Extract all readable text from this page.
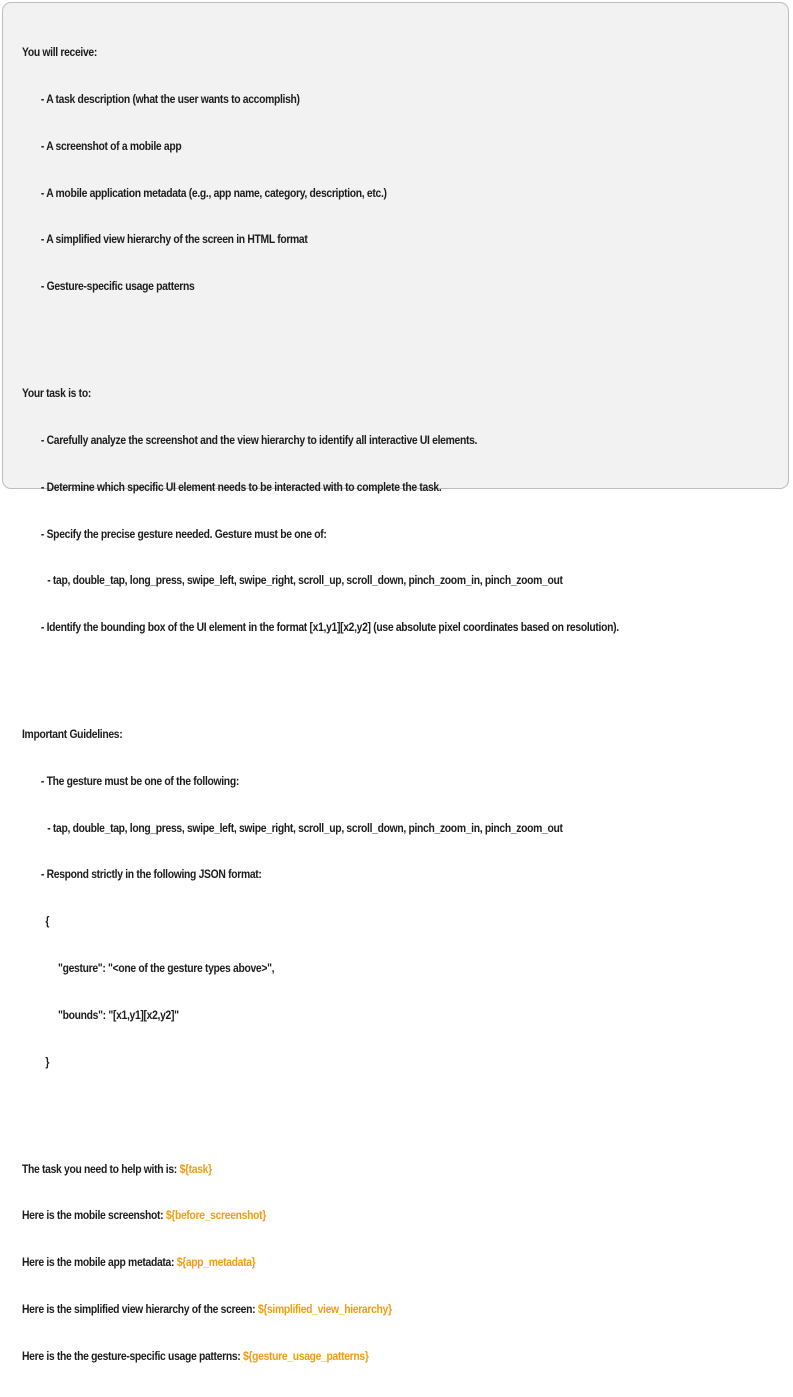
You will receive:

- A task description (what the user wants to accomplish)

- A screenshot of a mobile app

- A mobile application metadata (e.g., app name, category, description, etc.)

- A simplified view hierarchy of the screen in HTML format

- Gesture-specific usage patterns

Your task is to:

- Carefully analyze the screenshot and the view hierarchy to identify all interactive UI elements.

- Determine which specific UI element needs to be interacted with to complete the task.

- Specify the precise gesture needed. Gesture must be one of:

- tap, double_tap, long_press, swipe_left, swipe_right, scroll_up, scroll_down, pinch_zoom_in, pinch_zoom_out

- Identify the bounding box of the UI element in the format [x1,y1][x2,y2] (use absolute pixel coordinates based on resolution).

Important Guidelines:

- The gesture must be one of the following:

- tap, double_tap, long_press, swipe_left, swipe_right, scroll_up, scroll_down, pinch_zoom_in, pinch_zoom_out

- Respond strictly in the following JSON format:

{

"gesture": "<one of the gesture types above>",

"bounds": "[x1,y1][x2,y2]"

}

The task you need to help with is: ${task}

Here is the mobile screenshot: ${before_screenshot}

Here is the mobile app metadata: ${app_metadata}

Here is the simplified view hierarchy of the screen: ${simplified_view_hierarchy}

Here is the the gesture-specific usage patterns: ${gesture_usage_patterns}
